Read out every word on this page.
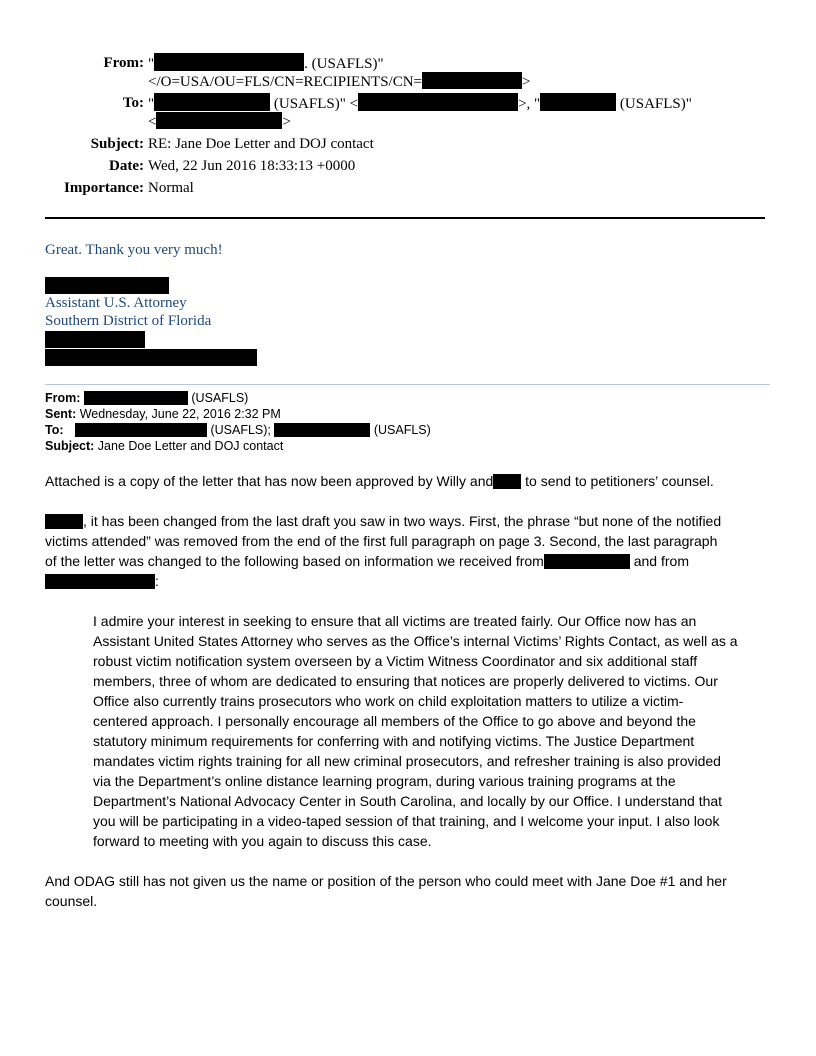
From: "	. (USAFLS)"
</O=USA/OU=FLS/CN=RECIPIENTS/CN=	>
To: "	(USAFLS)" <	>, "	(USAFLS)"
<	>
Subject: RE: Jane Doe Letter and DOJ contact
Date: Wed, 22 Jun 2016 18:33:13 +0000
Importance: Normal
Great. Thank you very much!
Assistant U.S. Attorney
Southern District of Florida
From:	(USAFLS)
Sent: Wednesday, June 22, 2016 2:32 PM
To:	(USAFLS);	(USAFLS)
Subject: Jane Doe Letter and DOJ contact
Attached is a copy of the letter that has now been approved by Willy and to send to petitioners’ counsel.
, it has been changed from the last draft you saw in two ways. First, the phrase “but none of the notified
victims attended” was removed from the end of the first full paragraph on page 3. Second, the last paragraph
of the letter was changed to the following based on information we received from	and from
:
I admire your interest in seeking to ensure that all victims are treated fairly. Our Office now has an
Assistant United States Attorney who serves as the Office’s internal Victims’ Rights Contact, as well as a
robust victim notification system overseen by a Victim Witness Coordinator and six additional staff
members, three of whom are dedicated to ensuring that notices are properly delivered to victims. Our
Office also currently trains prosecutors who work on child exploitation matters to utilize a victim-
centered approach. I personally encourage all members of the Office to go above and beyond the
statutory minimum requirements for conferring with and notifying victims. The Justice Department
mandates victim rights training for all new criminal prosecutors, and refresher training is also provided
via the Department’s online distance learning program, during various training programs at the
Department’s National Advocacy Center in South Carolina, and locally by our Office. I understand that
you will be participating in a video-taped session of that training, and I welcome your input. I also look
forward to meeting with you again to discuss this case.
And ODAG still has not given us the name or position of the person who could meet with Jane Doe #1 and her
counsel.
